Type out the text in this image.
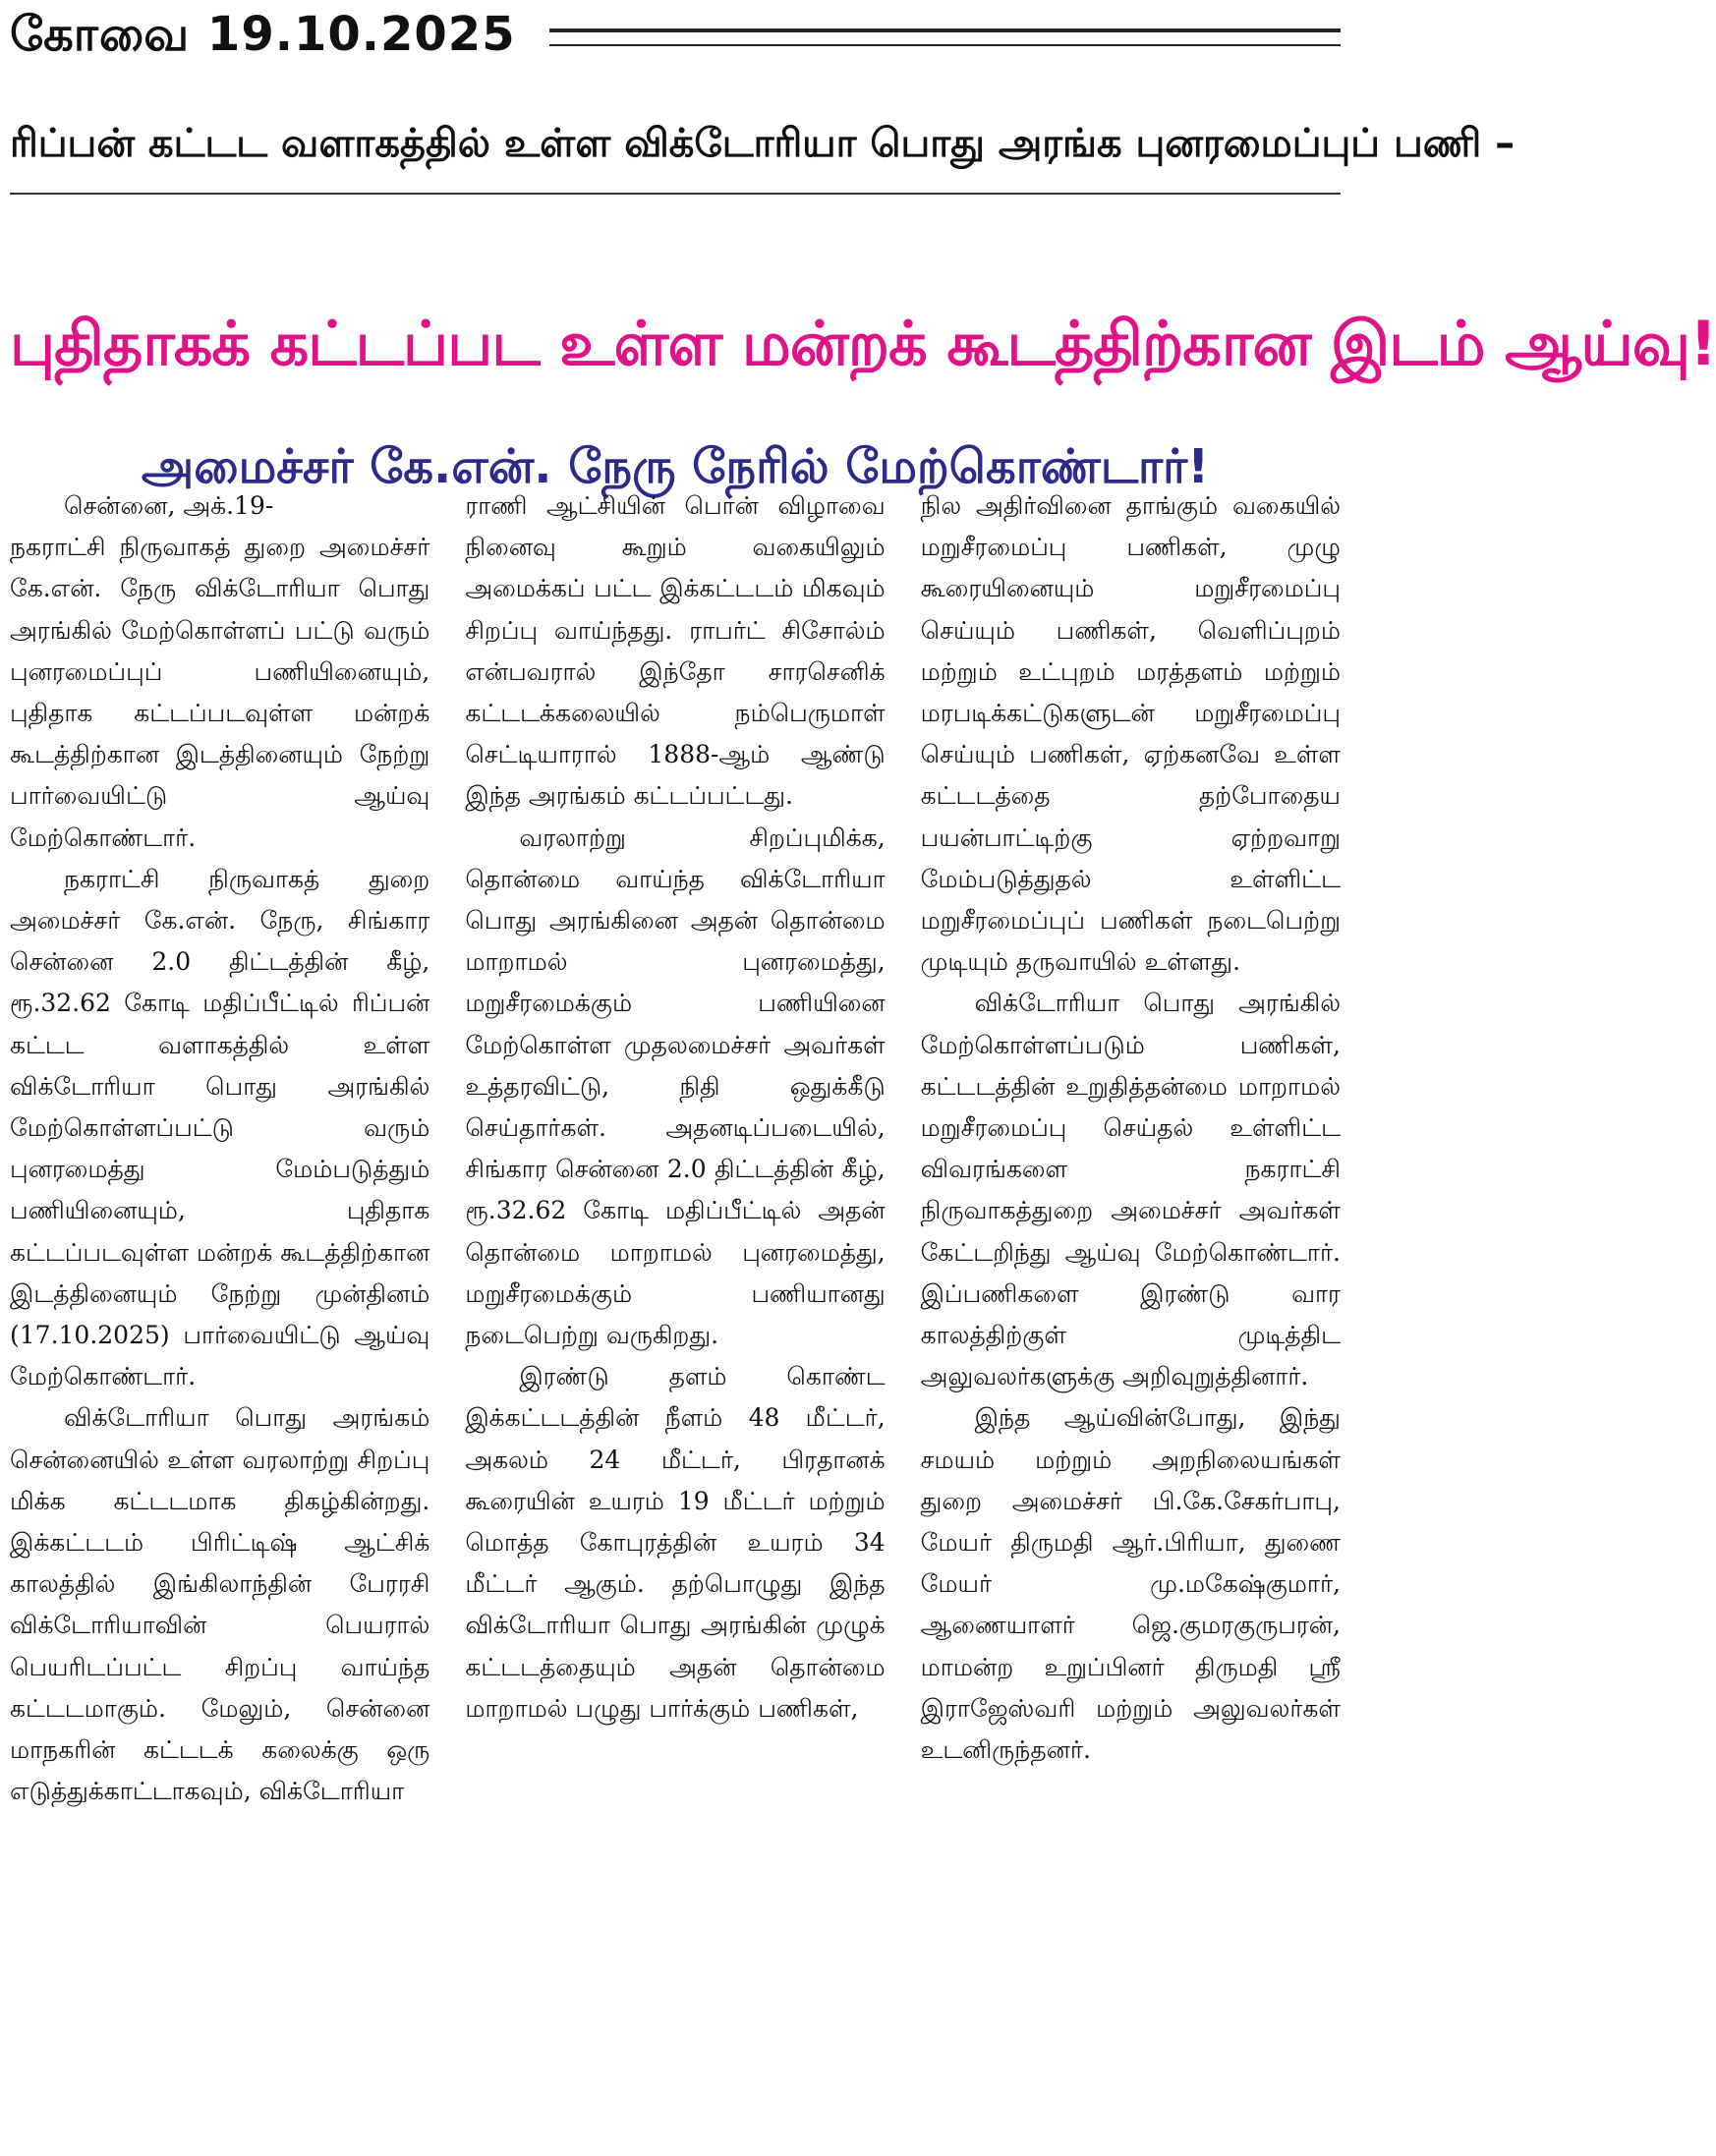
கோவை 19.10.2025
ரிப்பன் கட்டட வளாகத்தில் உள்ள விக்டோரியா பொது அரங்க புனரமைப்புப் பணி –
புதிதாகக் கட்டப்பட உள்ள மன்றக் கூடத்திற்கான இடம் ஆய்வு!
அமைச்சர் கே.என். நேரு நேரில் மேற்கொண்டார்!
சென்னை, அக்.19-

நகராட்சி நிருவாகத் துறை அமைச்சர் கே.என். நேரு விக்டோரியா பொது அரங்கில் மேற்கொள்ளப் பட்டு வரும் புனரமைப்புப் பணியினையும், புதிதாக கட்டப்படவுள்ள மன்றக் கூடத்திற்கான இடத்தினையும் நேற்று பார்வையிட்டு ஆய்வு மேற்கொண்டார்.

நகராட்சி நிருவாகத் துறை அமைச்சர் கே.என். நேரு, சிங்கார சென்னை 2.0 திட்டத்தின் கீழ், ரூ.32.62 கோடி மதிப்பீட்டில் ரிப்பன் கட்டட வளாகத்தில் உள்ள விக்டோரியா பொது அரங்கில் மேற்கொள்ளப்பட்டு வரும் புனரமைத்து மேம்படுத்தும் பணியினையும், புதிதாக கட்டப்படவுள்ள மன்றக் கூடத்திற்கான இடத்தினையும் நேற்று முன்தினம் (17.10.2025) பார்வையிட்டு ஆய்வு மேற்கொண்டார்.

விக்டோரியா பொது அரங்கம் சென்னையில் உள்ள வரலாற்று சிறப்பு மிக்க கட்டடமாக திகழ்கின்றது. இக்கட்டடம் பிரிட்டிஷ் ஆட்சிக் காலத்தில் இங்கிலாந்தின் பேரரசி விக்டோரியாவின் பெயரால் பெயரிடப்பட்ட சிறப்பு வாய்ந்த கட்டடமாகும். மேலும், சென்னை மாநகரின் கட்டடக் கலைக்கு ஒரு எடுத்துக்காட்டாகவும், விக்டோரியா

ராணி ஆட்சியின் பொன் விழாவை நினைவு கூறும் வகையிலும் அமைக்கப் பட்ட இக்கட்டடம் மிகவும் சிறப்பு வாய்ந்தது. ராபர்ட் சிசோல்ம் என்பவரால் இந்தோ சாரசெனிக் கட்டடக்கலையில் நம்பெருமாள் செட்டியாரால் 1888-ஆம் ஆண்டு இந்த அரங்கம் கட்டப்பட்டது.

வரலாற்று சிறப்புமிக்க, தொன்மை வாய்ந்த விக்டோரியா பொது அரங்கினை அதன் தொன்மை மாறாமல் புனரமைத்து, மறுசீரமைக்கும் பணியினை மேற்கொள்ள முதலமைச்சர் அவர்கள் உத்தரவிட்டு, நிதி ஒதுக்கீடு செய்தார்கள். அதனடிப்படையில், சிங்கார சென்னை 2.0 திட்டத்தின் கீழ், ரூ.32.62 கோடி மதிப்பீட்டில் அதன் தொன்மை மாறாமல் புனரமைத்து, மறுசீரமைக்கும் பணியானது நடைபெற்று வருகிறது.

இரண்டு தளம் கொண்ட இக்கட்டடத்தின் நீளம் 48 மீட்டர், அகலம் 24 மீட்டர், பிரதானக் கூரையின் உயரம் 19 மீட்டர் மற்றும் மொத்த கோபுரத்தின் உயரம் 34 மீட்டர் ஆகும். தற்பொழுது இந்த விக்டோரியா பொது அரங்கின் முழுக் கட்டடத்தையும் அதன் தொன்மை மாறாமல் பழுது பார்க்கும் பணிகள்,

நில அதிர்வினை தாங்கும் வகையில் மறுசீரமைப்பு பணிகள், முழு கூரையினையும் மறுசீரமைப்பு செய்யும் பணிகள், வெளிப்புறம் மற்றும் உட்புறம் மரத்தளம் மற்றும் மரபடிக்கட்டுகளுடன் மறுசீரமைப்பு செய்யும் பணிகள், ஏற்கனவே உள்ள கட்டடத்தை தற்போதைய பயன்பாட்டிற்கு ஏற்றவாறு மேம்படுத்துதல் உள்ளிட்ட மறுசீரமைப்புப் பணிகள் நடைபெற்று முடியும் தருவாயில் உள்ளது.

விக்டோரியா பொது அரங்கில் மேற்கொள்ளப்படும் பணிகள், கட்டடத்தின் உறுதித்தன்மை மாறாமல் மறுசீரமைப்பு செய்தல் உள்ளிட்ட விவரங்களை நகராட்சி நிருவாகத்துறை அமைச்சர் அவர்கள் கேட்டறிந்து ஆய்வு மேற்கொண்டார். இப்பணிகளை இரண்டு வார காலத்திற்குள் முடித்திட அலுவலர்களுக்கு அறிவுறுத்தினார்.

இந்த ஆய்வின்போது, இந்து சமயம் மற்றும் அறநிலையங்கள் துறை அமைச்சர் பி.கே.சேகர்பாபு, மேயர் திருமதி ஆர்.பிரியா, துணை மேயர் மு.மகேஷ்குமார், ஆணையாளர் ஜெ.குமரகுருபரன், மாமன்ற உறுப்பினர் திருமதி ஸ்ரீ இராஜேஸ்வரி மற்றும் அலுவலர்கள் உடனிருந்தனர்.
